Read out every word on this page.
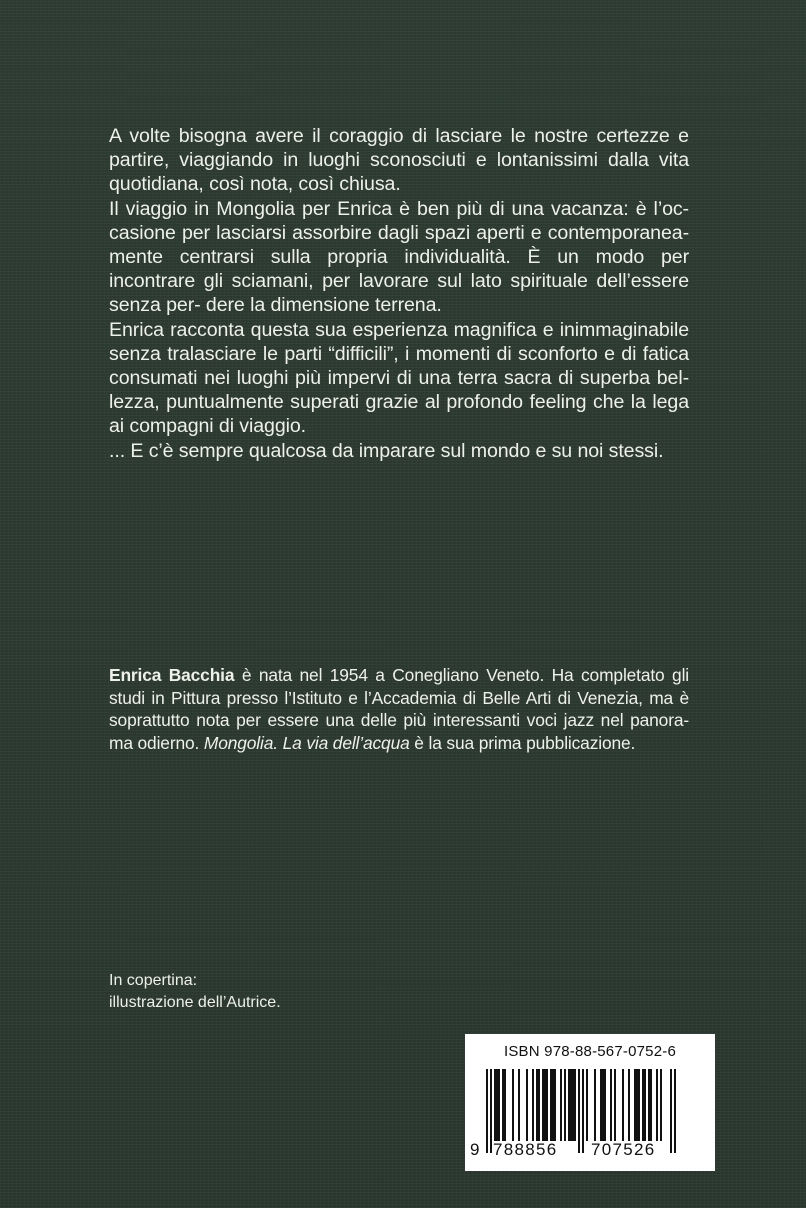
A volte bisogna avere il coraggio di lasciare le nostre certezze e partire, viaggiando in luoghi sconosciuti e lontanissimi dalla vita quotidiana, così nota, così chiusa.

Il viaggio in Mongolia per Enrica è ben più di una vacanza: è l’oc- casione per lasciarsi assorbire dagli spazi aperti e contemporanea- mente centrarsi sulla propria individualità. È un modo per incontrare gli sciamani, per lavorare sul lato spirituale dell’essere senza per- dere la dimensione terrena.

Enrica racconta questa sua esperienza magnifica e inimmaginabile senza tralasciare le parti “difficili”, i momenti di sconforto e di fatica consumati nei luoghi più impervi di una terra sacra di superba bel- lezza, puntualmente superati grazie al profondo feeling che la lega ai compagni di viaggio.

... E c’è sempre qualcosa da imparare sul mondo e su noi stessi.

Enrica Bacchia è nata nel 1954 a Conegliano Veneto. Ha completato gli studi in Pittura presso l’Istituto e l’Accademia di Belle Arti di Venezia, ma è soprattutto nota per essere una delle più interessanti voci jazz nel panora- ma odierno. Mongolia. La via dell’acqua è la sua prima pubblicazione.

In copertina:
illustrazione dell’Autrice.
ISBN 978-88-567-0752-6
9 788856 707526
